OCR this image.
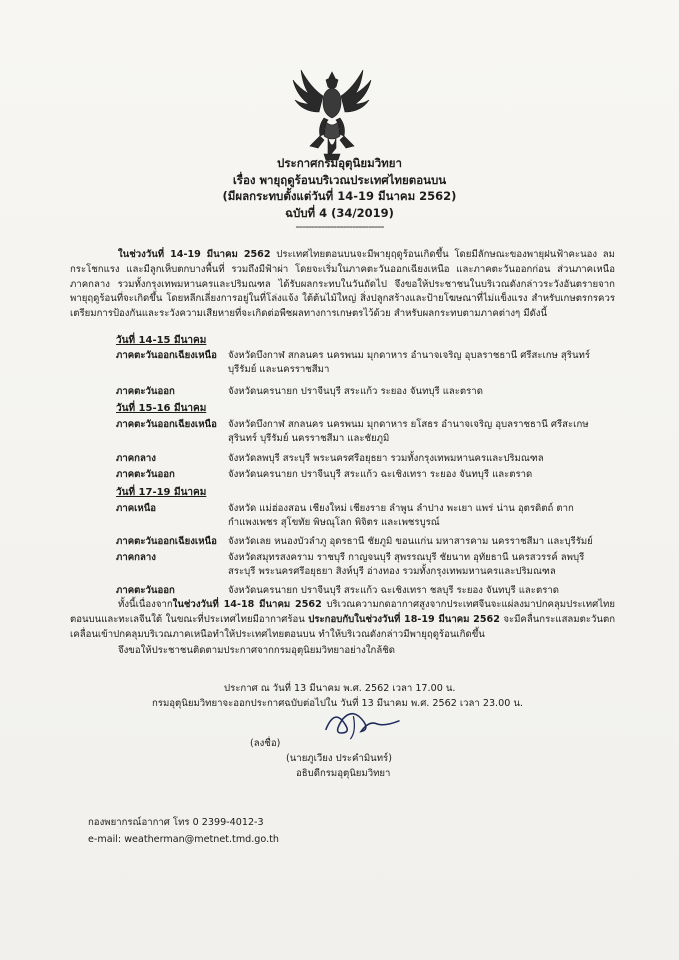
ประกาศกรมอุตุนิยมวิทยา
เรื่อง พายุฤดูร้อนบริเวณประเทศไทยตอนบน
(มีผลกระทบตั้งแต่วันที่ 14-19 มีนาคม 2562)
ฉบับที่ 4 (34/2019)
----------------------------
ในช่วงวันที่ 14-19 มีนาคม 2562 ประเทศไทยตอนบนจะมีพายุฤดูร้อนเกิดขึ้น โดยมีลักษณะของพายุฝนฟ้าคะนอง ลมกระโชกแรง และมีลูกเห็บตกบางพื้นที่ รวมถึงมีฟ้าผ่า โดยจะเริ่มในภาคตะวันออกเฉียงเหนือ และภาคตะวันออกก่อน ส่วนภาคเหนือ ภาคกลาง รวมทั้งกรุงเทพมหานครและปริมณฑล ได้รับผลกระทบในวันถัดไป จึงขอให้ประชาชนในบริเวณดังกล่าวระวังอันตรายจากพายุฤดูร้อนที่จะเกิดขึ้น โดยหลีกเลี่ยงการอยู่ในที่โล่งแจ้ง ใต้ต้นไม้ใหญ่ สิ่งปลูกสร้างและป้ายโฆษณาที่ไม่แข็งแรง สำหรับเกษตรกรควรเตรียมการป้องกันและระวังความเสียหายที่จะเกิดต่อพืชผลทางการเกษตรไว้ด้วย สำหรับผลกระทบตามภาคต่างๆ มีดังนี้
วันที่ 14-15 มีนาคม
ภาคตะวันออกเฉียงเหนือ	จังหวัดบึงกาฬ สกลนคร นครพนม มุกดาหาร อำนาจเจริญ อุบลราชธานี ศรีสะเกษ สุรินทร์ บุรีรัมย์ และนครราชสีมา
ภาคตะวันออก	จังหวัดนครนายก ปราจีนบุรี สระแก้ว ระยอง จันทบุรี และตราด
วันที่ 15-16 มีนาคม
ภาคตะวันออกเฉียงเหนือ	จังหวัดบึงกาฬ สกลนคร นครพนม มุกดาหาร ยโสธร อำนาจเจริญ อุบลราชธานี ศรีสะเกษ สุรินทร์ บุรีรัมย์ นครราชสีมา และชัยภูมิ
ภาคกลาง	จังหวัดลพบุรี สระบุรี พระนครศรีอยุธยา รวมทั้งกรุงเทพมหานครและปริมณฑล
ภาคตะวันออก	จังหวัดนครนายก ปราจีนบุรี สระแก้ว ฉะเชิงเทรา ระยอง จันทบุรี และตราด
วันที่ 17-19 มีนาคม
ภาคเหนือ	จังหวัด แม่ฮ่องสอน เชียงใหม่ เชียงราย ลำพูน ลำปาง พะเยา แพร่ น่าน อุตรดิตถ์ ตาก กำแพงเพชร สุโขทัย พิษณุโลก พิจิตร และเพชรบูรณ์
ภาคตะวันออกเฉียงเหนือ	จังหวัดเลย หนองบัวลำภู อุดรธานี ชัยภูมิ ขอนแก่น มหาสารคาม นครราชสีมา และบุรีรัมย์
ภาคกลาง	จังหวัดสมุทรสงคราม ราชบุรี กาญจนบุรี สุพรรณบุรี ชัยนาท อุทัยธานี นครสวรรค์ ลพบุรี สระบุรี พระนครศรีอยุธยา สิงห์บุรี อ่างทอง รวมทั้งกรุงเทพมหานครและปริมณฑล
ภาคตะวันออก	จังหวัดนครนายก ปราจีนบุรี สระแก้ว ฉะเชิงเทรา ชลบุรี ระยอง จันทบุรี และตราด
ทั้งนี้เนื่องจากในช่วงวันที่ 14-18 มีนาคม 2562 บริเวณความกดอากาศสูงจากประเทศจีนจะแผ่ลงมาปกคลุมประเทศไทยตอนบนและทะเลจีนใต้ ในขณะที่ประเทศไทยมีอากาศร้อน ประกอบกับในช่วงวันที่ 18-19 มีนาคม 2562 จะมีคลื่นกระแสลมตะวันตกเคลื่อนเข้าปกคลุมบริเวณภาคเหนือทำให้ประเทศไทยตอนบน ทำให้บริเวณดังกล่าวมีพายุฤดูร้อนเกิดขึ้น
จึงขอให้ประชาชนติดตามประกาศจากกรมอุตุนิยมวิทยาอย่างใกล้ชิด
ประกาศ ณ วันที่ 13 มีนาคม พ.ศ. 2562 เวลา 17.00 น.
กรมอุตุนิยมวิทยาจะออกประกาศฉบับต่อไปใน วันที่ 13 มีนาคม พ.ศ. 2562 เวลา 23.00 น.
(ลงชื่อ)
(นายภูเวียง ประคำมินทร์)
อธิบดีกรมอุตุนิยมวิทยา
กองพยากรณ์อากาศ โทร 0 2399-4012-3
e-mail: weatherman@metnet.tmd.go.th
